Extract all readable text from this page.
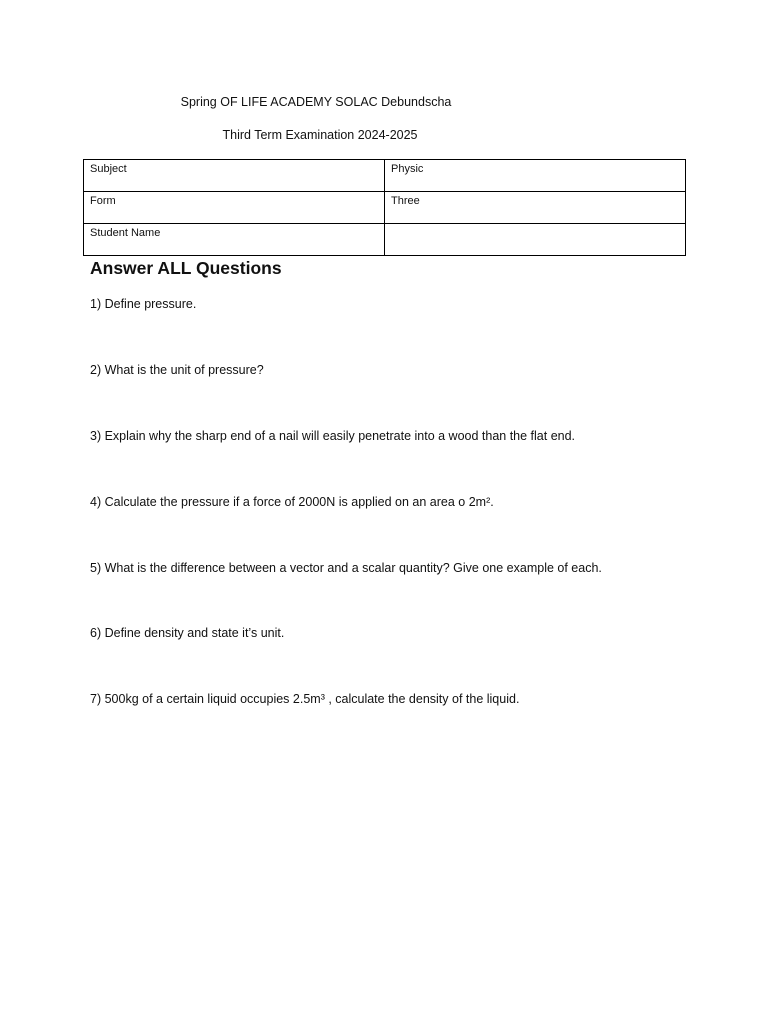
Spring OF LIFE ACADEMY SOLAC Debundscha
Third Term Examination 2024-2025
Subject	Physic
Form	Three
Student Name	
Answer ALL Questions
1) Define pressure.
2) What is the unit of pressure?
3) Explain why the sharp end of a nail will easily penetrate into a wood than the flat end.
4) Calculate the pressure if a force of 2000N is applied on an area o 2m².
5) What is the difference between a vector and a scalar quantity? Give one example of each.
6) Define density and state it’s unit.
7) 500kg of a certain liquid occupies 2.5m³ , calculate the density of the liquid.
